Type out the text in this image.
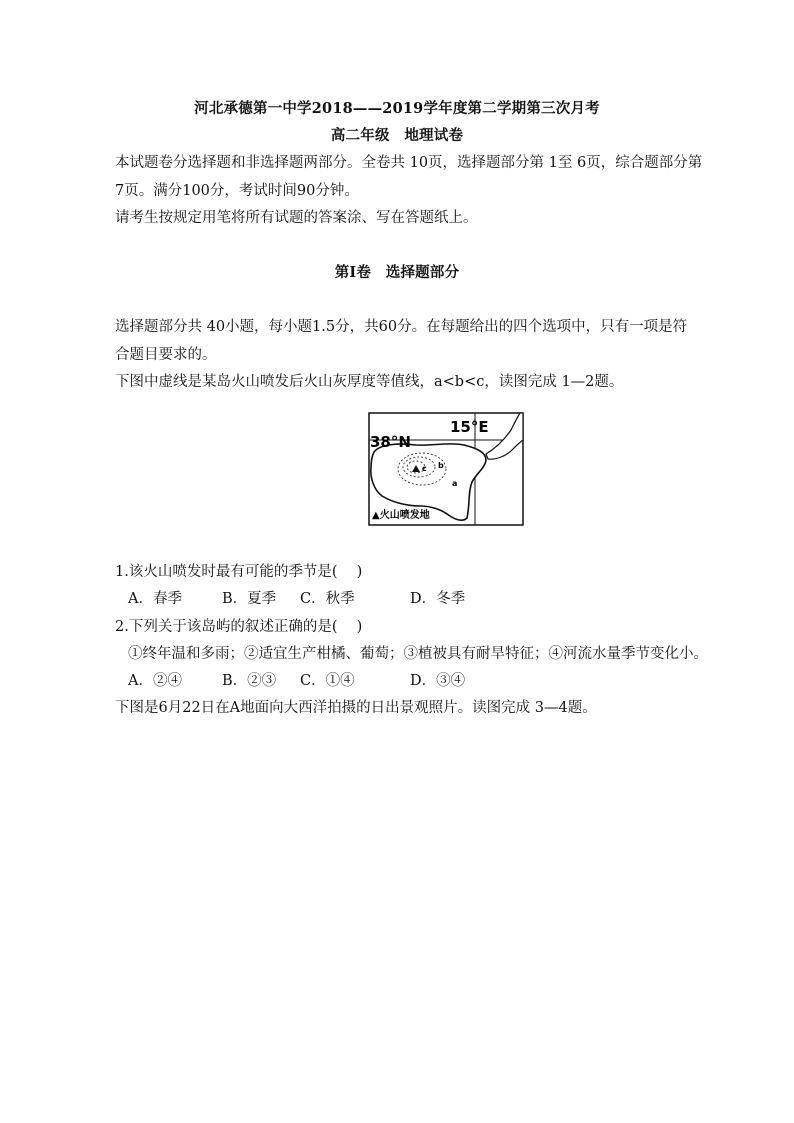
河北承德第一中学2018——2019学年度第二学期第三次月考
高二年级　地理试卷
本试题卷分选择题和非选择题两部分。全卷共 10页，选择题部分第 1至 6页，综合题部分第
7页。满分100分，考试时间90分钟。
请考生按规定用笔将所有试题的答案涂、写在答题纸上。
第Ⅰ卷　选择题部分
选择题部分共 40小题，每小题1.5分，共60分。在每题给出的四个选项中，只有一项是符
合题目要求的。
下图中虚线是某岛火山喷发后火山灰厚度等值线，a<b<c，读图完成 1—2题。
a
b
c
38°N
15°E
▲火山喷发地
1.该火山喷发时最有可能的季节是(　 )
A．春季	B．夏季 C．秋季	D．冬季
2.下列关于该岛屿的叙述正确的是(　 )
①终年温和多雨；②适宜生产柑橘、葡萄；③植被具有耐旱特征；④河流水量季节变化小。
A．②④	B．②③ C．①④	D．③④
下图是6月22日在A地面向大西洋拍摄的日出景观照片。读图完成 3—4题。
